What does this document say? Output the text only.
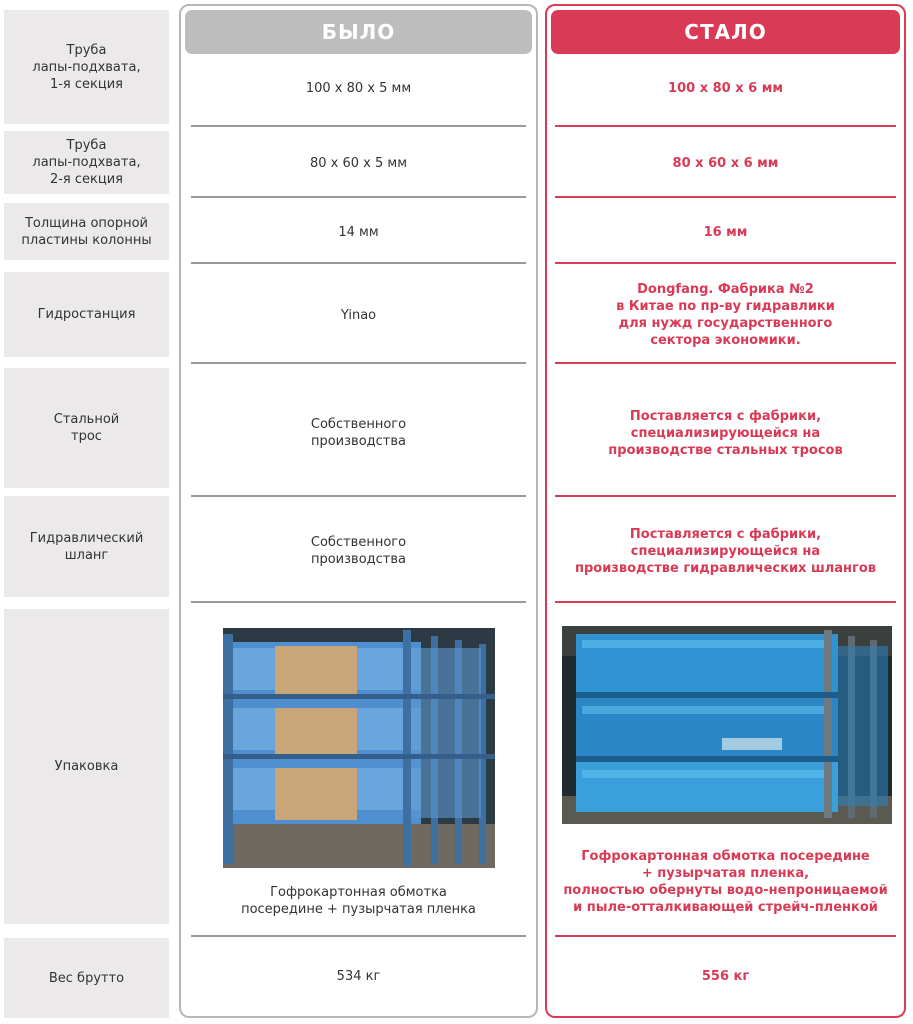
Труба
лапы-подхвата,
1-я секция
Труба
лапы-подхвата,
2-я секция
Толщина опорной
пластины колонны
Гидростанция
Стальной
трос
Гидравлический
шланг
Упаковка
Вес брутто
БЫЛО
100 x 80 x 5 мм
80 x 60 x 5 мм
14 мм
Yinao
Собственного
производства
Собственного
производства
Гофрокартонная обмотка
посередине + пузырчатая пленка
534 кг
СТАЛО
100 x 80 x 6 мм
80 x 60 x 6 мм
16 мм
Dongfang. Фабрика №2
в Китае по пр-ву гидравлики
для нужд государственного
сектора экономики.
Поставляется с фабрики,
специализирующейся на
производстве стальных тросов
Поставляется с фабрики,
специализирующейся на
производстве гидравлических шлангов
Гофрокартонная обмотка посередине
+ пузырчатая пленка,
полностью обернуты водо-непроницаемой
и пыле-отталкивающей стрейч-пленкой
556 кг
